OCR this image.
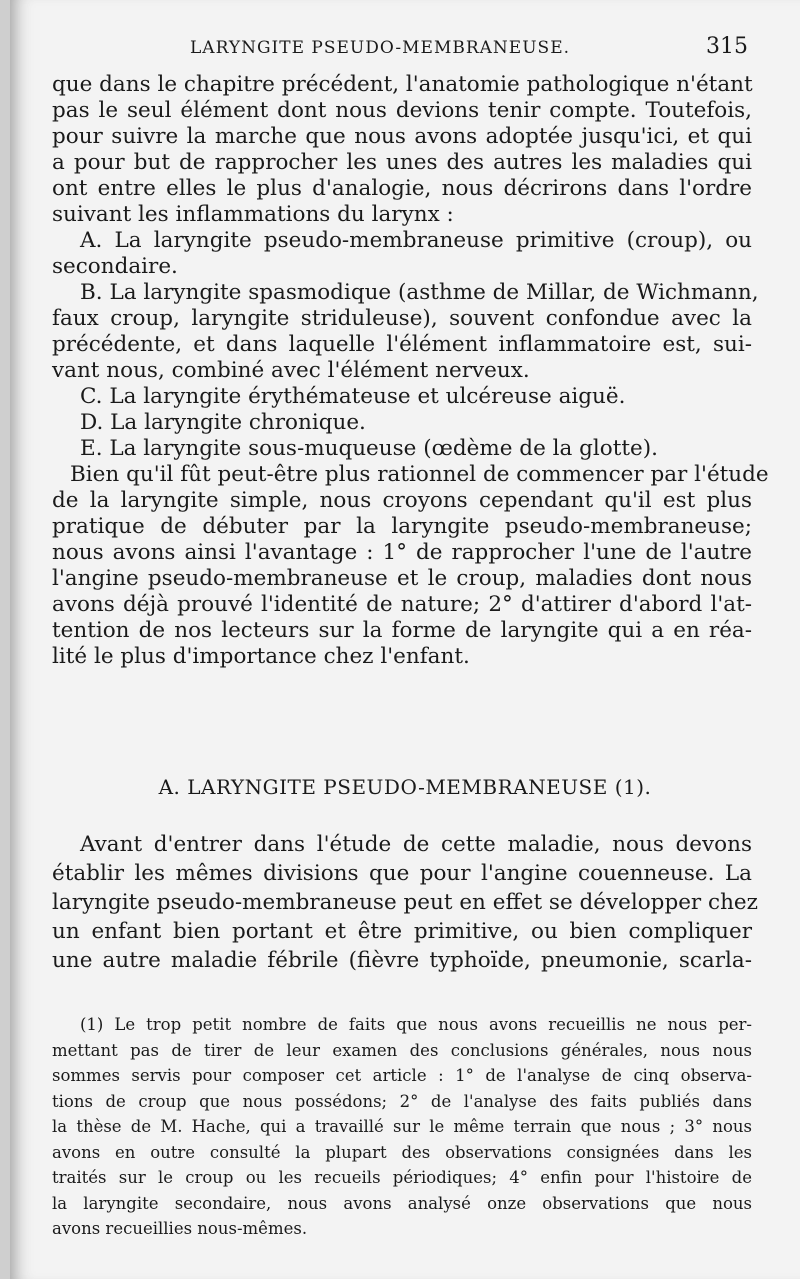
LARYNGITE PSEUDO-MEMBRANEUSE.	315
que dans le chapitre précédent, l'anatomie pathologique n'étant
pas le seul élément dont nous devions tenir compte. Toutefois,
pour suivre la marche que nous avons adoptée jusqu'ici, et qui
a pour but de rapprocher les unes des autres les maladies qui
ont entre elles le plus d'analogie, nous décrirons dans l'ordre
suivant les inflammations du larynx :
A. La laryngite pseudo-membraneuse primitive (croup), ou
secondaire.
B. La laryngite spasmodique (asthme de Millar, de Wichmann,
faux croup, laryngite striduleuse), souvent confondue avec la
précédente, et dans laquelle l'élément inflammatoire est, sui-
vant nous, combiné avec l'élément nerveux.
C. La laryngite érythémateuse et ulcéreuse aiguë.
D. La laryngite chronique.
E. La laryngite sous-muqueuse (œdème de la glotte).
Bien qu'il fût peut-être plus rationnel de commencer par l'étude
de la laryngite simple, nous croyons cependant qu'il est plus
pratique de débuter par la laryngite pseudo-membraneuse;
nous avons ainsi l'avantage : 1° de rapprocher l'une de l'autre
l'angine pseudo-membraneuse et le croup, maladies dont nous
avons déjà prouvé l'identité de nature; 2° d'attirer d'abord l'at-
tention de nos lecteurs sur la forme de laryngite qui a en réa-
lité le plus d'importance chez l'enfant.
A. LARYNGITE PSEUDO-MEMBRANEUSE (1).
Avant d'entrer dans l'étude de cette maladie, nous devons
établir les mêmes divisions que pour l'angine couenneuse. La
laryngite pseudo-membraneuse peut en effet se développer chez
un enfant bien portant et être primitive, ou bien compliquer
une autre maladie fébrile (fièvre typhoïde, pneumonie, scarla-
(1) Le trop petit nombre de faits que nous avons recueillis ne nous per-
mettant pas de tirer de leur examen des conclusions générales, nous nous
sommes servis pour composer cet article : 1° de l'analyse de cinq observa-
tions de croup que nous possédons; 2° de l'analyse des faits publiés dans
la thèse de M. Hache, qui a travaillé sur le même terrain que nous ; 3° nous
avons en outre consulté la plupart des observations consignées dans les
traités sur le croup ou les recueils périodiques; 4° enfin pour l'histoire de
la laryngite secondaire, nous avons analysé onze observations que nous
avons recueillies nous-mêmes.
